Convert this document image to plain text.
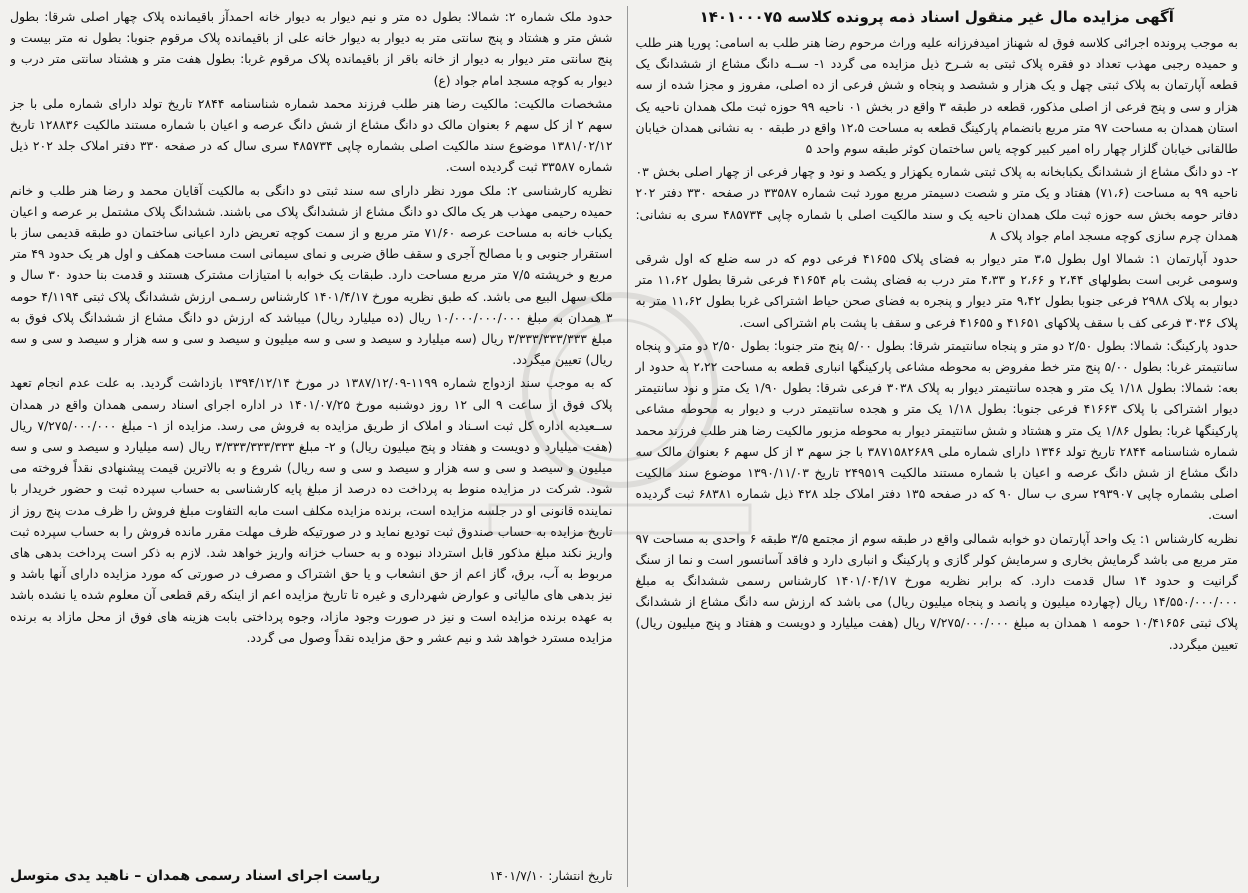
آگهی مزایده مال غیر منقول اسناد ذمه پرونده کلاسه ۱۴۰۱۰۰۰۷۵

به موجب پرونده اجرائی کلاسه فوق له شهناز امیدفرزانه علیه وراث مرحوم رضا هنر طلب به اسامی: پوریا هنر طلب و حمیده رجبی مهذب تعداد دو فقره پلاک ثبتی به شـرح ذیل مزایده می گردد ۱- ســه دانگ مشاع از ششدانگ یک قطعه آپارتمان به پلاک ثبتی چهل و یک هزار و ششصد و پنجاه و شش فرعی از ده اصلی، مفروز و مجزا شده از سه هزار و سی و پنج فرعی از اصلی مذکور، قطعه در طبقه ۳ واقع در بخش ۰۱ ناحیه ۹۹ حوزه ثبت ملک همدان ناحیه یک استان همدان به مساحت ۹۷ متر مربع بانضمام پارکینگ قطعه به مساحت ۱۲،۵ واقع در طبقه ۰ به نشانی همدان خیابان طالقانی خیابان گلزار چهار راه امیر کبیر کوچه یاس ساختمان کوثر طبقه سوم واحد ۵

۲- دو دانگ مشاع از ششدانگ یکبابخانه به پلاک ثبتی شماره یکهزار و یکصد و نود و چهار فرعی از چهار اصلی بخش ۰۳ ناحیه ۹۹ به مساحت (۷۱،۶) هفتاد و یک متر و شصت دسیمتر مربع مورد ثبت شماره ۳۳۵۸۷ در صفحه ۳۳۰ دفتر ۲۰۲ دفاتر حومه بخش سه حوزه ثبت ملک همدان ناحیه یک و سند مالکیت اصلی با شماره چاپی ۴۸۵۷۳۴ سری به نشانی: همدان چرم سازی کوچه مسجد امام جواد پلاک ۸

حدود آپارتمان ۱: شمالا اول بطول ۳،۵ متر دیوار به فضای پلاک ۴۱۶۵۵ فرعی دوم که در سه ضلع که اول شرقی وسومی غربی است بطولهای ۲،۴۴ و ۲،۶۶ و ۴،۳۳ متر درب به فضای پشت بام ۴۱۶۵۴ فرعی شرقا بطول ۱۱،۶۲ متر دیوار به پلاک ۲۹۸۸ فرعی جنوبا بطول ۹،۴۲ متر دیوار و پنجره به فضای صحن حیاط اشتراکی غربا بطول ۱۱،۶۲ متر به پلاک ۳۰۳۶ فرعی کف با سقف پلاکهای ۴۱۶۵۱ و ۴۱۶۵۵ فرعی و سقف با پشت بام اشتراکی است.

حدود پارکینگ: شمالا: بطول ۲/۵۰ دو متر و پنجاه سانتیمتر شرقا: بطول ۵/۰۰ پنج متر جنوبا: بطول ۲/۵۰ دو متر و پنجاه سانتیمتر غربا: بطول ۵/۰۰ پنج متر خط مفروض به محوطه مشاعی پارکینگها انباری قطعه به مساحت ۲،۲۲ به حدود ار بعه: شمالا: بطول ۱/۱۸ یک متر و هجده سانتیمتر دیوار به پلاک ۳۰۳۸ فرعی شرقا: بطول ۱/۹۰ یک متر و نود سانتیمتر دیوار اشتراکی با پلاک ۴۱۶۶۳ فرعی جنوبا: بطول ۱/۱۸ یک متر و هجده سانتیمتر درب و دیوار به محوطه مشاعی پارکینگها غربا: بطول ۱/۸۶ یک متر و هشتاد و شش سانتیمتر دیوار به محوطه مزبور مالکیت رضا هنر طلب فرزند محمد شماره شناسنامه ۲۸۴۴ تاریخ تولد ۱۳۴۶ دارای شماره ملی ۳۸۷۱۵۸۲۶۸۹ با جز سهم ۳ از کل سهم ۶ بعنوان مالک سه دانگ مشاع از شش دانگ عرصه و اعیان با شماره مستند مالکیت ۲۴۹۵۱۹ تاریخ ۱۳۹۰/۱۱/۰۳ موضوع سند مالکیت اصلی بشماره چاپی ۲۹۳۹۰۷ سری ب سال ۹۰ که در صفحه ۱۳۵ دفتر املاک جلد ۴۲۸ ذیل شماره ۶۸۳۸۱ ثبت گردیده است.

نظریه کارشناس ۱: یک واحد آپارتمان دو خوابه شمالی واقع در طبقه سوم از مجتمع ۳/۵ طبقه ۶ واحدی به مساحت ۹۷ متر مربع می باشد گرمایش بخاری و سرمایش کولر گازی و پارکینگ و انباری دارد و فاقد آسانسور است و نما از سنگ گرانیت و حدود ۱۴ سال قدمت دارد. که برابر نظریه مورخ ۱۴۰۱/۰۴/۱۷ کارشناس رسمی ششدانگ به مبلغ ۱۴/۵۵۰/۰۰۰/۰۰۰ ریال (چهارده میلیون و پانصد و پنجاه میلیون ریال) می باشد که ارزش سه دانگ مشاع از ششدانگ پلاک ثبتی ۱۰/۴۱۶۵۶ حومه ۱ همدان به مبلغ ۷/۲۷۵/۰۰۰/۰۰۰ ریال (هفت میلیارد و دویست و هفتاد و پنج میلیون ریال) تعیین میگردد.

حدود ملک شماره ۲: شمالا: بطول ده متر و نیم دیوار به دیوار خانه احمدآز باقیمانده پلاک چهار اصلی شرقا: بطول شش متر و هشتاد و پنج سانتی متر به دیوار به دیوار خانه علی از باقیمانده پلاک مرقوم جنوبا: بطول نه متر بیست و پنج سانتی متر دیوار به دیوار از خانه باقر از باقیمانده پلاک مرقوم غربا: بطول هفت متر و هشتاد سانتی متر درب و دیوار به کوچه مسجد امام جواد (ع)

مشخصات مالکیت: مالکیت رضا هنر طلب فرزند محمد شماره شناسنامه ۲۸۴۴ تاریخ تولد دارای شماره ملی با جز سهم ۲ از کل سهم ۶ بعنوان مالک دو دانگ مشاع از شش دانگ عرصه و اعیان با شماره مستند مالکیت ۱۲۸۸۳۶ تاریخ ۱۳۸۱/۰۲/۱۲ موضوع سند مالکیت اصلی بشماره چاپی ۴۸۵۷۳۴ سری سال که در صفحه ۳۳۰ دفتر املاک جلد ۲۰۲ ذیل شماره ۳۳۵۸۷ ثبت گردیده است.

نظریه کارشناسی ۲: ملک مورد نظر دارای سه سند ثبتی دو دانگی به مالکیت آقایان محمد و رضا هنر طلب و خانم حمیده رحیمی مهذب هر یک مالک دو دانگ مشاع از ششدانگ پلاک می باشند. ششدانگ پلاک مشتمل بر عرصه و اعیان یکباب خانه به مساحت عرصه ۷۱/۶۰ متر مربع و از سمت کوچه تعریض دارد اعیانی ساختمان دو طبقه قدیمی ساز با استقرار جنوبی و با مصالح آجری و سقف طاق ضربی و نمای سیمانی است مساحت همکف و اول هر یک حدود ۴۹ متر مربع و خرپشته ۷/۵ متر مربع مساحت دارد. طبقات یک خوابه با امتیازات مشترک هستند و قدمت بنا حدود ۳۰ سال و ملک سهل البیع می باشد. که طبق نظریه مورخ ۱۴۰۱/۴/۱۷ کارشناس رسـمی ارزش ششدانگ پلاک ثبتی ۴/۱۱۹۴ حومه ۳ همدان به مبلغ ۱۰/۰۰۰/۰۰۰/۰۰۰ ریال (ده میلیارد ریال) میباشد که ارزش دو دانگ مشاع از ششدانگ پلاک فوق به مبلغ ۳/۳۳۳/۳۳۳/۳۳۳ ریال (سه میلیارد و سیصد و سی و سه میلیون و سیصد و سی و سه هزار و سیصد و سی و سه ریال) تعیین میگردد.

که به موجب سند ازدواج شماره ۱۱۹۹-۱۳۸۷/۱۲/۰۹ در مورخ ۱۳۹۴/۱۲/۱۴ بازداشت گردید. به علت عدم انجام تعهد پلاک فوق از ساعت ۹ الی ۱۲ روز دوشنبه مورخ ۱۴۰۱/۰۷/۲۵ در اداره اجرای اسناد رسمی همدان واقع در همدان ســعیدیه اداره کل ثبت اسـناد و املاک از طریق مزایده به فروش می رسد. مزایده از ۱- مبلغ ۷/۲۷۵/۰۰۰/۰۰۰ ریال (هفت میلیارد و دویست و هفتاد و پنج میلیون ریال) و ۲- مبلغ ۳/۳۳۳/۳۳۳/۳۳۳ ریال (سه میلیارد و سیصد و سی و سه میلیون و سیصد و سی و سه هزار و سیصد و سی و سه ریال) شروع و به بالاترین قیمت پیشنهادی نقداً فروخته می شود. شرکت در مزایده منوط به پرداخت ده درصد از مبلغ پایه کارشناسی به حساب سپرده ثبت و حضور خریدار با نماینده قانونی او در جلسه مزایده است، برنده مزایده مکلف است مابه التفاوت مبلغ فروش را ظرف مدت پنج روز از تاریخ مزایده به حساب صندوق ثبت تودیع نماید و در صورتیکه ظرف مهلت مقرر مانده فروش را به حساب سپرده ثبت واریز نکند مبلغ مذکور قابل استرداد نبوده و به حساب خزانه واریز خواهد شد. لازم به ذکر است پرداخت بدهی های مربوط به آب، برق، گاز اعم از حق انشعاب و یا حق اشتراک و مصرف در صورتی که مورد مزایده دارای آنها باشد و نیز بدهی های مالیاتی و عوارض شهرداری و غیره تا تاریخ مزایده اعم از اینکه رقم قطعی آن معلوم شده یا نشده باشد به عهده برنده مزایده است و نیز در صورت وجود مازاد، وجوه پرداختی بابت هزینه های فوق از محل مازاد به برنده مزایده مسترد خواهد شد و نیم عشر و حق مزایده نقداً وصول می گردد.

تاریخ انتشار: ۱۴۰۱/۷/۱۰
ریاست اجرای اسناد رسمی همدان – ناهید یدی متوسل
